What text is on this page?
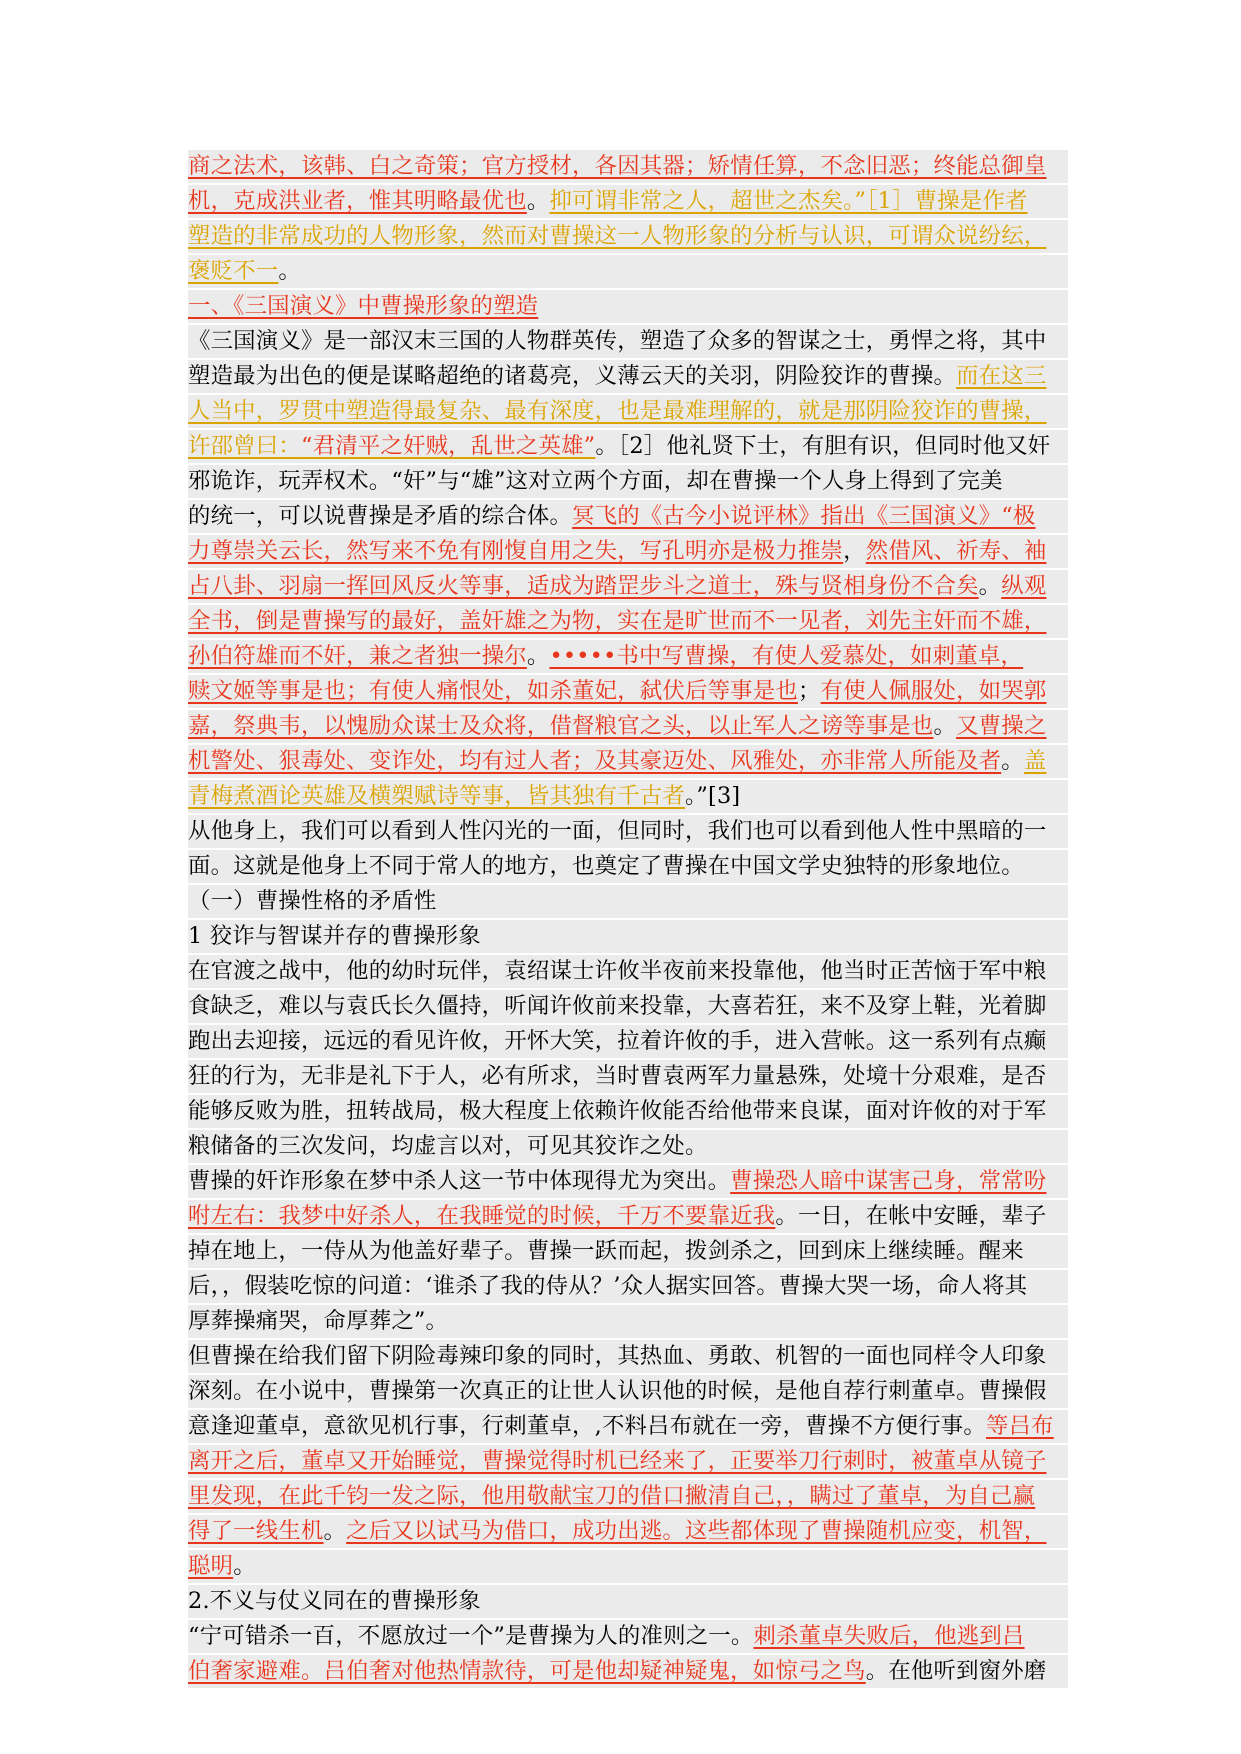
商之法术，该韩、白之奇策；官方授材，各因其器；矫情任算，不念旧恶；终能总御皇
机，克成洪业者，惟其明略最优也。抑可谓非常之人，超世之杰矣。”［1］曹操是作者
塑造的非常成功的人物形象，然而对曹操这一人物形象的分析与认识，可谓众说纷纭，
褒贬不一。
一、《三国演义》中曹操形象的塑造
《三国演义》是一部汉末三国的人物群英传，塑造了众多的智谋之士，勇悍之将，其中
塑造最为出色的便是谋略超绝的诸葛亮，义薄云天的关羽，阴险狡诈的曹操。而在这三
人当中，罗贯中塑造得最复杂、最有深度，也是最难理解的，就是那阴险狡诈的曹操，
许邵曾曰：“君清平之奸贼，乱世之英雄”。［2］他礼贤下士，有胆有识，但同时他又奸
邪诡诈，玩弄权术。“奸”与“雄”这对立两个方面，却在曹操一个人身上得到了完美
的统一，可以说曹操是矛盾的综合体。冥飞的《古今小说评林》指出《三国演义》“极
力尊崇关云长，然写来不免有刚愎自用之失，写孔明亦是极力推崇，然借风、祈寿、袖
占八卦、羽扇一挥回风反火等事，适成为踏罡步斗之道士，殊与贤相身份不合矣。纵观
全书，倒是曹操写的最好，盖奸雄之为物，实在是旷世而不一见者，刘先主奸而不雄，
孙伯符雄而不奸，兼之者独一操尔。•••••书中写曹操，有使人爱慕处，如刺董卓，
赎文姬等事是也；有使人痛恨处，如杀董妃，弑伏后等事是也；有使人佩服处，如哭郭
嘉，祭典韦，以愧励众谋士及众将，借督粮官之头，以止军人之谤等事是也。又曹操之
机警处、狠毒处、变诈处，均有过人者；及其豪迈处、风雅处，亦非常人所能及者。盖
青梅煮酒论英雄及横槊赋诗等事，皆其独有千古者。”[3]
从他身上，我们可以看到人性闪光的一面，但同时，我们也可以看到他人性中黑暗的一
面。这就是他身上不同于常人的地方，也奠定了曹操在中国文学史独特的形象地位。
（一）曹操性格的矛盾性
1 狡诈与智谋并存的曹操形象
在官渡之战中，他的幼时玩伴，袁绍谋士许攸半夜前来投靠他，他当时正苦恼于军中粮
食缺乏，难以与袁氏长久僵持，听闻许攸前来投靠，大喜若狂，来不及穿上鞋，光着脚
跑出去迎接，远远的看见许攸，开怀大笑，拉着许攸的手，进入营帐。这一系列有点癫
狂的行为，无非是礼下于人，必有所求，当时曹袁两军力量悬殊，处境十分艰难，是否
能够反败为胜，扭转战局，极大程度上依赖许攸能否给他带来良谋，面对许攸的对于军
粮储备的三次发问，均虚言以对，可见其狡诈之处。
曹操的奸诈形象在梦中杀人这一节中体现得尤为突出。曹操恐人暗中谋害己身，常常吩
咐左右：我梦中好杀人，在我睡觉的时候，千万不要靠近我。一日，在帐中安睡，辈子
掉在地上，一侍从为他盖好辈子。曹操一跃而起，拨剑杀之，回到床上继续睡。醒来
后，，假装吃惊的问道：‘谁杀了我的侍从？’众人据实回答。曹操大哭一场，命人将其
厚葬操痛哭，命厚葬之”。
但曹操在给我们留下阴险毒辣印象的同时，其热血、勇敢、机智的一面也同样令人印象
深刻。在小说中，曹操第一次真正的让世人认识他的时候，是他自荐行刺董卓。曹操假
意逢迎董卓，意欲见机行事，行刺董卓，,不料吕布就在一旁，曹操不方便行事。等吕布
离开之后，董卓又开始睡觉，曹操觉得时机已经来了，正要举刀行刺时，被董卓从镜子
里发现，在此千钧一发之际，他用敬献宝刀的借口撇清自己，，瞒过了董卓，为自己赢
得了一线生机。之后又以试马为借口，成功出逃。这些都体现了曹操随机应变，机智，
聪明。
2.不义与仗义同在的曹操形象
“宁可错杀一百，不愿放过一个”是曹操为人的准则之一。刺杀董卓失败后，他逃到吕
伯奢家避难。吕伯奢对他热情款待，可是他却疑神疑鬼，如惊弓之鸟。在他听到窗外磨
